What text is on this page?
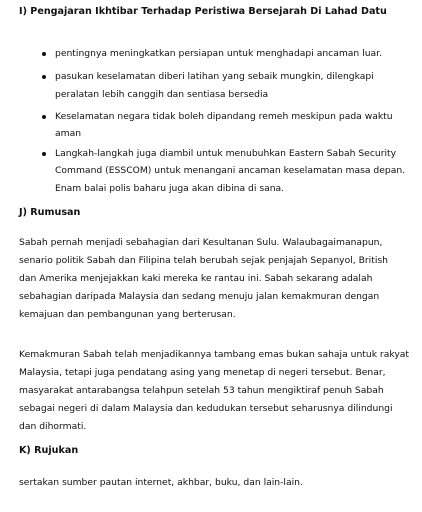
I) Pengajaran Ikhtibar Terhadap Peristiwa Bersejarah Di Lahad Datu
pentingnya meningkatkan persiapan untuk menghadapi ancaman luar.
pasukan keselamatan diberi latihan yang sebaik mungkin, dilengkapi
peralatan lebih canggih dan sentiasa bersedia
Keselamatan negara tidak boleh dipandang remeh meskipun pada waktu
aman
Langkah-langkah juga diambil untuk menubuhkan Eastern Sabah Security
Command (ESSCOM) untuk menangani ancaman keselamatan masa depan.
Enam balai polis baharu juga akan dibina di sana.
J) Rumusan
Sabah pernah menjadi sebahagian dari Kesultanan Sulu. Walaubagaimanapun,
senario politik Sabah dan Filipina telah berubah sejak penjajah Sepanyol, British
dan Amerika menjejakkan kaki mereka ke rantau ini. Sabah sekarang adalah
sebahagian daripada Malaysia dan sedang menuju jalan kemakmuran dengan
kemajuan dan pembangunan yang berterusan.
Kemakmuran Sabah telah menjadikannya tambang emas bukan sahaja untuk rakyat
Malaysia, tetapi juga pendatang asing yang menetap di negeri tersebut. Benar,
masyarakat antarabangsa telahpun setelah 53 tahun mengiktiraf penuh Sabah
sebagai negeri di dalam Malaysia dan kedudukan tersebut seharusnya dilindungi
dan dihormati.
K) Rujukan
sertakan sumber pautan internet, akhbar, buku, dan lain-lain.
